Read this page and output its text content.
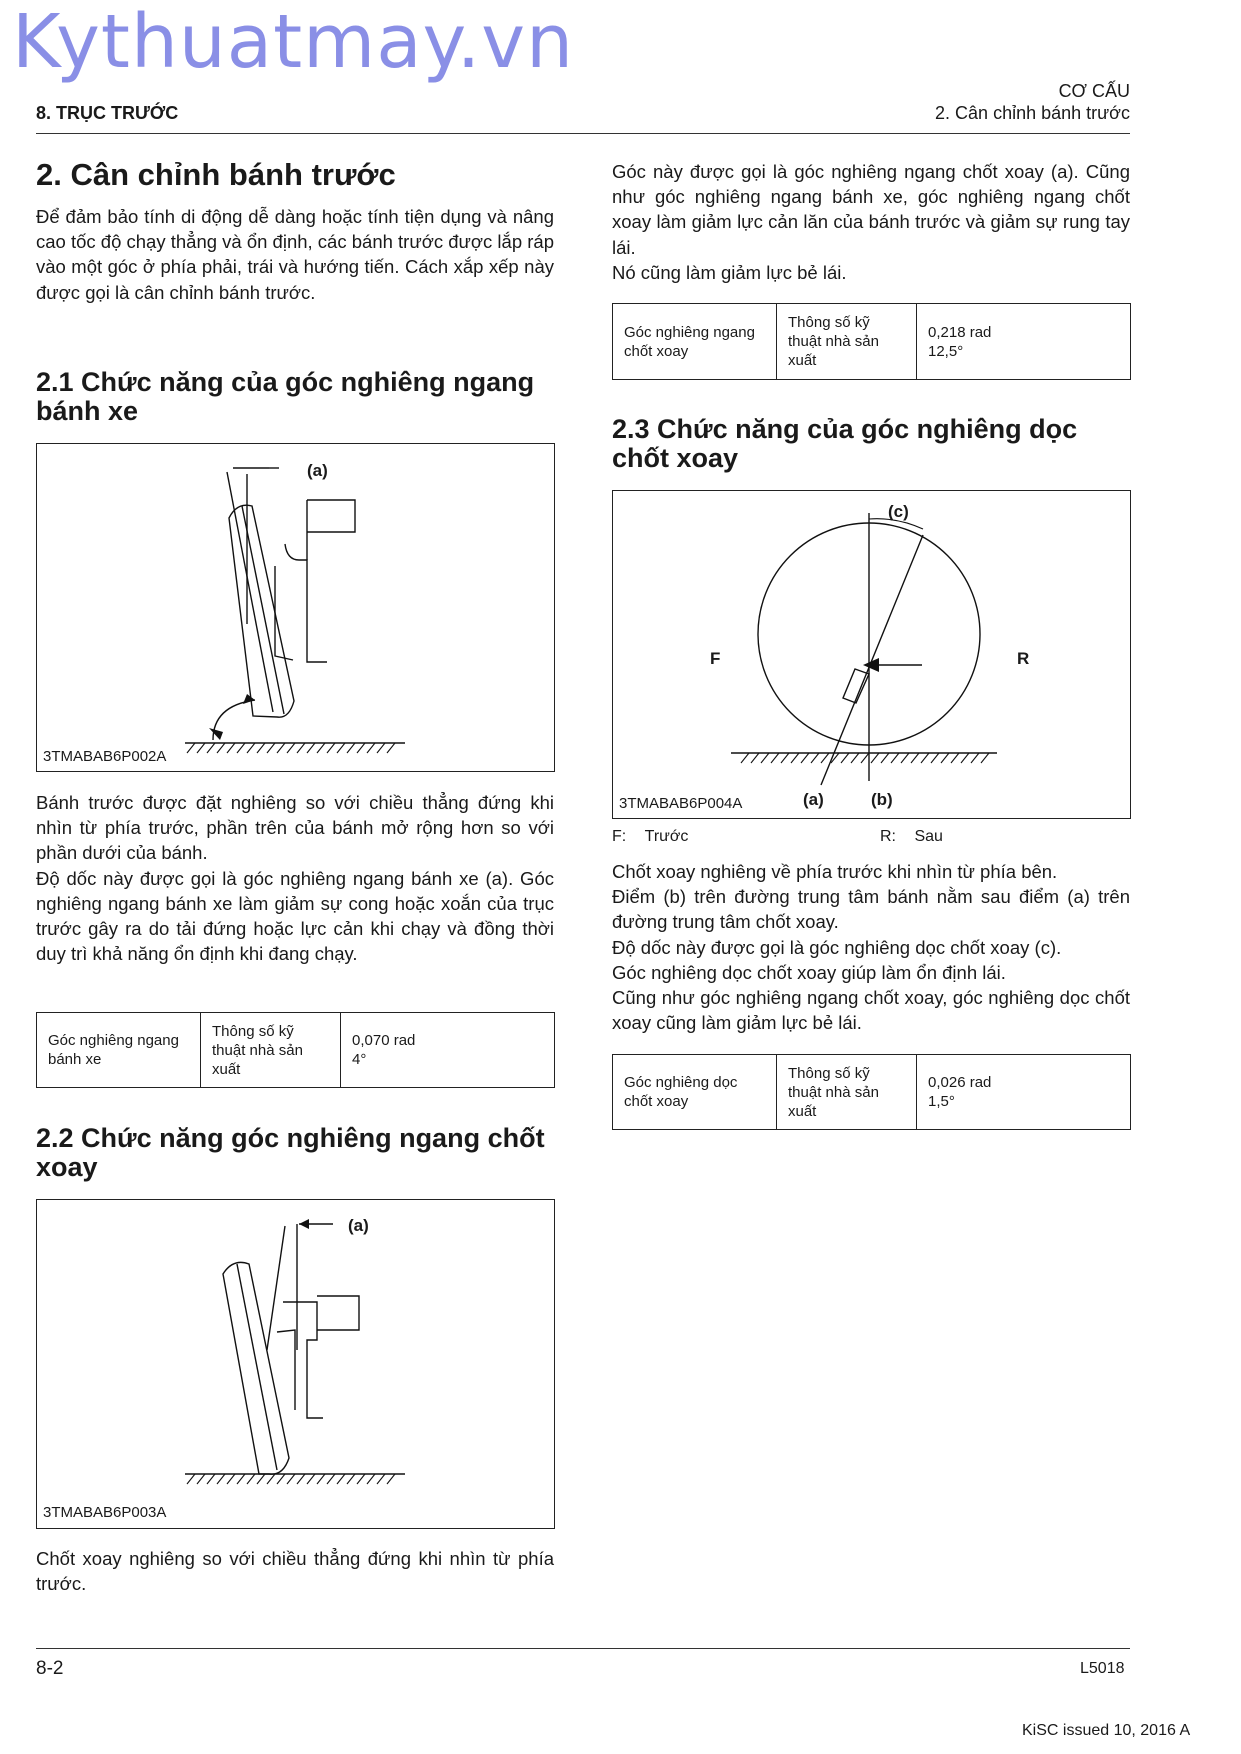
Kythuatmay.vn
8. TRỤC TRƯỚC
CƠ CẤU
2. Cân chỉnh bánh trước
2. Cân chỉnh bánh trước
Để đảm bảo tính di động dễ dàng hoặc tính tiện dụng và nâng cao tốc độ chạy thẳng và ổn định, các bánh trước được lắp ráp vào một góc ở phía phải, trái và hướng tiến. Cách xắp xếp này được gọi là cân chỉnh bánh trước.
2.1 Chức năng của góc nghiêng ngang bánh xe
(a)
3TMABAB6P002A

Bánh trước được đặt nghiêng so với chiều thẳng đứng khi nhìn từ phía trước, phần trên của bánh mở rộng hơn so với phần dưới của bánh.

Độ dốc này được gọi là góc nghiêng ngang bánh xe (a). Góc nghiêng ngang bánh xe làm giảm sự cong hoặc xoắn của trục trước gây ra do tải đứng hoặc lực cản khi chạy và đồng thời duy trì khả năng ổn định khi đang chạy.

Góc nghiêng ngang bánh xe	Thông số kỹ thuật nhà sản xuất	
0,070 rad
4°
2.2 Chức năng góc nghiêng ngang chốt xoay
(a)
3TMABAB6P003A
Chốt xoay nghiêng so với chiều thẳng đứng khi nhìn từ phía trước.

Góc này được gọi là góc nghiêng ngang chốt xoay (a). Cũng như góc nghiêng ngang bánh xe, góc nghiêng ngang chốt xoay làm giảm lực cản lăn của bánh trước và giảm sự rung tay lái.

Nó cũng làm giảm lực bẻ lái.

Góc nghiêng ngang chốt xoay	Thông số kỹ thuật nhà sản xuất	
0,218 rad
12,5°
2.3 Chức năng của góc nghiêng dọc chốt xoay
(c)
F	R
(a)	(b)
3TMABAB6P004A
F: Trước	R: Sau

Chốt xoay nghiêng về phía trước khi nhìn từ phía bên.

Điểm (b) trên đường trung tâm bánh nằm sau điểm (a) trên đường trung tâm chốt xoay.

Độ dốc này được gọi là góc nghiêng dọc chốt xoay (c).

Góc nghiêng dọc chốt xoay giúp làm ổn định lái.

Cũng như góc nghiêng ngang chốt xoay, góc nghiêng dọc chốt xoay cũng làm giảm lực bẻ lái.

Góc nghiêng dọc chốt xoay	Thông số kỹ thuật nhà sản xuất	
0,026 rad
1,5°
8-2	L5018
KiSC issued 10, 2016 A
